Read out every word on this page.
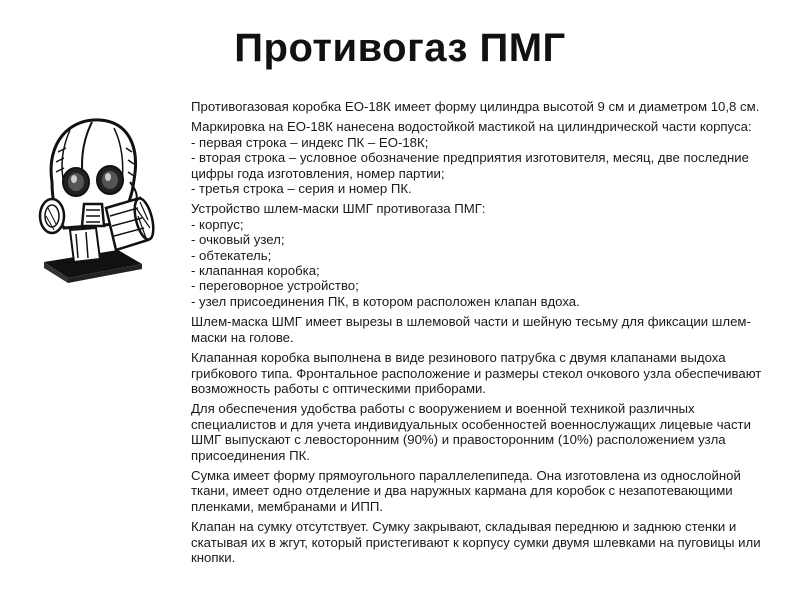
Противогаз ПМГ

Противогазовая коробка ЕО-18К имеет форму цилиндра высотой 9 см и диаметром 10,8 см.

Маркировка на ЕО-18К нанесена водостойкой мастикой на цилиндрической части корпуса:
- первая строка – индекс ПК – ЕО-18К;
- вторая строка – условное обозначение предприятия изготовителя, месяц, две последние цифры года изготовления, номер партии;
- третья строка – серия и номер ПК.

Устройство шлем-маски ШМГ противогаза ПМГ:
- корпус;
- очковый узел;
- обтекатель;
- клапанная коробка;
- переговорное устройство;
- узел присоединения ПК, в котором расположен клапан вдоха.

Шлем-маска ШМГ имеет вырезы в шлемовой части и шейную тесьму для фиксации шлем-маски на голове.

Клапанная коробка выполнена в виде резинового патрубка с двумя клапанами выдоха грибкового типа. Фронтальное расположение и размеры стекол очкового узла обеспечивают возможность работы с оптическими приборами.

Для обеспечения удобства работы с вооружением и военной техникой различных специалистов и для учета индивидуальных особенностей военнослужащих лицевые части ШМГ выпускают с левосторонним (90%) и правосторонним (10%) расположением узла присоединения ПК.

Сумка имеет форму прямоугольного параллелепипеда. Она изготовлена из однослойной ткани, имеет одно отделение и два наружных кармана для коробок с незапотевающими пленками, мембранами и ИПП.

Клапан на сумку отсутствует. Сумку закрывают, складывая переднюю и заднюю стенки и скатывая их в жгут, который пристегивают к корпусу сумки двумя шлевками на пуговицы или кнопки.
